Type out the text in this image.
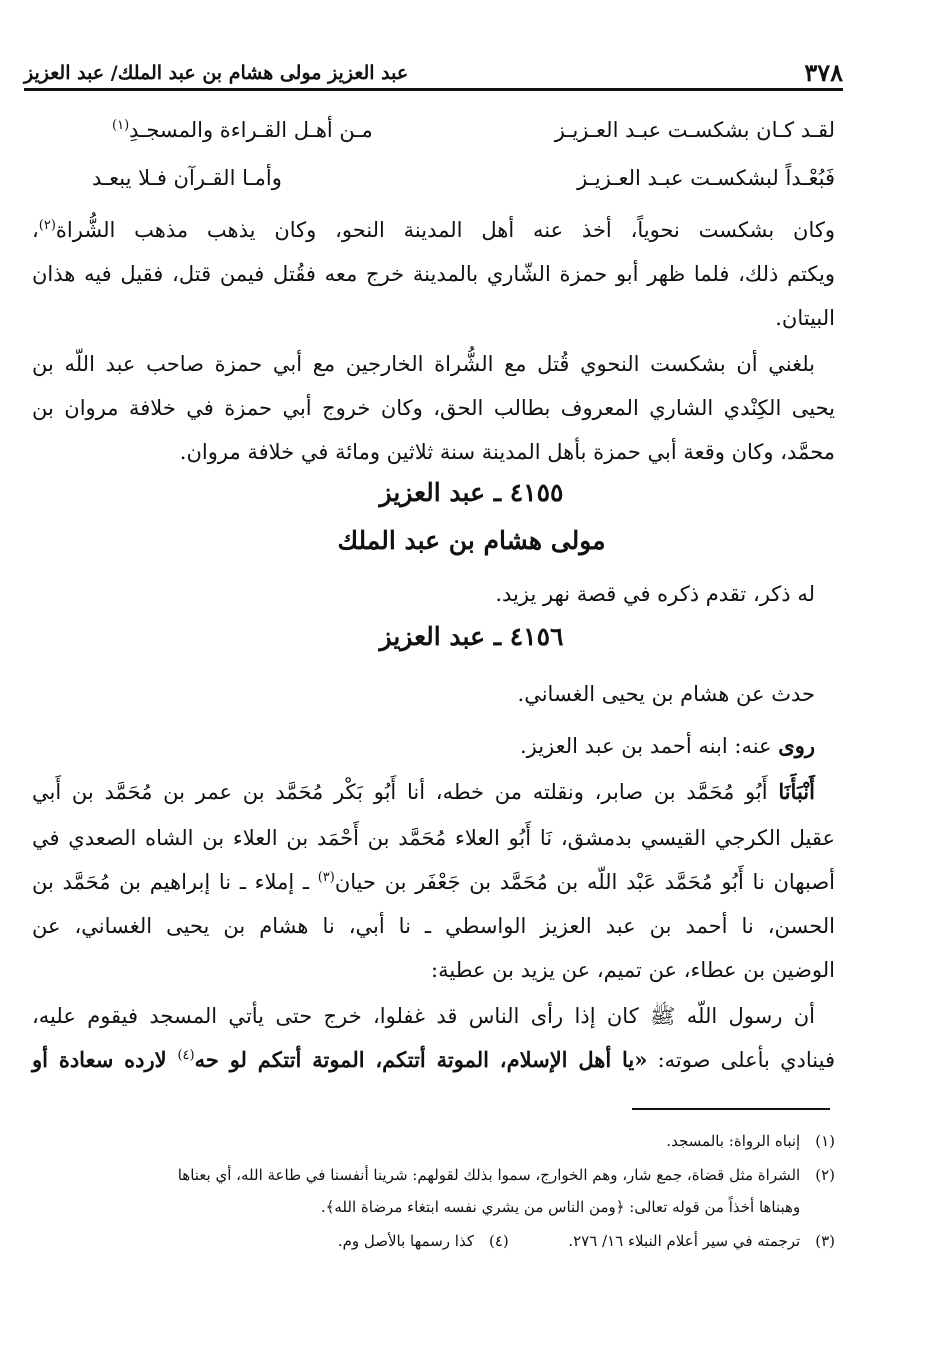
٣٧٨
عبد العزيز مولى هشام بن عبد الملك/ عبد العزيز
لقـد كـان بشكسـت عبـد العـزيـز
مـن أهـل القـراءة والمسجـدِ$^{(١)}$
فَبُعْـداً لبشكسـت عبـد العـزيـز
وأمـا القـرآن فـلا يبعـد
وكان بشكست نحوياً، أخذ عنه أهل المدينة النحو، وكان يذهب مذهب الشُّراة$^{(٢)}$،
ويكتم ذلك، فلما ظهر أبو حمزة الشّاري بالمدينة خرج معه فقُتل فيمن قتل، فقيل فيه هذان
البيتان.
بلغني أن بشكست النحوي قُتل مع الشُّراة الخارجين مع أبي حمزة صاحب عبد اللّه بن
يحيى الكِنْدي الشاري المعروف بطالب الحق، وكان خروج أبي حمزة في خلافة مروان بن
محمَّد، وكان وقعة أبي حمزة بأهل المدينة سنة ثلاثين ومائة في خلافة مروان.
٤١٥٥ ـ عبد العزيز
مولى هشام بن عبد الملك
له ذكر، تقدم ذكره في قصة نهر يزيد.
٤١٥٦ ـ عبد العزيز
حدث عن هشام بن يحيى الغساني.
روى عنه: ابنه أحمد بن عبد العزيز.
أَنْبَأَنَا أَبُو مُحَمَّد بن صابر، ونقلته من خطه، أنا أَبُو بَكْر مُحَمَّد بن عمر بن مُحَمَّد بن أَبي
عقيل الكرجي القيسي بدمشق، نَا أَبُو العلاء مُحَمَّد بن أَحْمَد بن العلاء بن الشاه الصعدي في
أصبهان نا أَبُو مُحَمَّد عَبْد اللّه بن مُحَمَّد بن جَعْفَر بن حيان$^{(٣)}$ ـ إملاء ـ نا إبراهيم بن مُحَمَّد بن
الحسن، نا أحمد بن عبد العزيز الواسطي ـ نا أبي، نا هشام بن يحيى الغساني، عن
الوضين بن عطاء، عن تميم، عن يزيد بن عطية:
أن رسول اللّه ﷺ كان إذا رأى الناس قد غفلوا، خرج حتى يأتي المسجد فيقوم عليه،
فينادي بأعلى صوته: «يا أهل الإسلام، الموتة أتتكم، الموتة أتتكم لو حه$^{(٤)}$ لارده سعادة أو
(١) إنباه الرواة: بالمسجد.
(٢) الشراة مثل قضاة، جمع شار، وهم الخوارج، سموا بذلك لقولهم: شرينا أنفسنا في طاعة الله، أي بعناها
وهبناها أخذاً من قوله تعالى: ﴿ومن الناس من يشري نفسه ابتغاء مرضاة الله﴾.
(٣) ترجمته في سير أعلام النبلاء ١٦/ ٢٧٦.  (٤) كذا رسمها بالأصل وم.
